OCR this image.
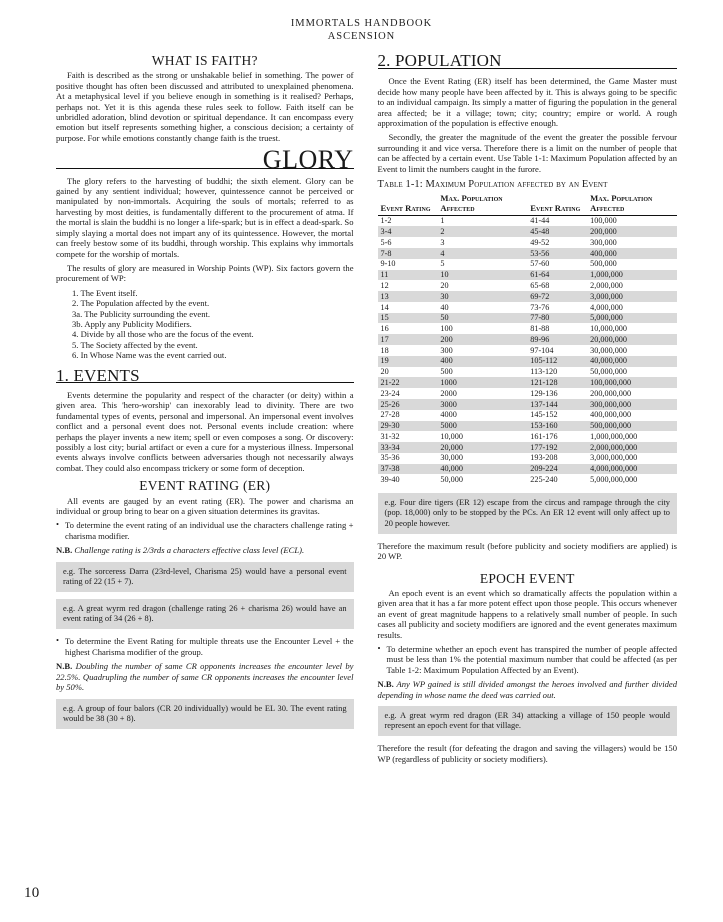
IMMORTALS HANDBOOK
ASCENSION
WHAT IS FAITH?

Faith is described as the strong or unshakable belief in something. The power of positive thought has often been discussed and attributed to unexplained phenomena. At a metaphysical level if you believe enough in something is it realised? Perhaps, perhaps not. Yet it is this agenda these rules seek to follow. Faith itself can be unbridled adoration, blind devotion or spiritual dependance. It can encompass every emotion but itself represents something higher, a conscious decision; a certainty of purpose. For while emotions constantly change faith is the truest.

GLORY

The glory refers to the harvesting of buddhi; the sixth element. Glory can be gained by any sentient individual; however, quintessence cannot be perceived or manipulated by non-immortals. Acquiring the souls of mortals; referred to as harvesting by most deities, is fundamentally different to the procurement of atma. If the mortal is slain the buddhi is no longer a life-spark; but is in effect a dead-spark. So simply slaying a mortal does not impart any of its quintessence. However, the mortal can freely bestow some of its buddhi, through worship. This explains why immortals compete for the worship of mortals.

The results of glory are measured in Worship Points (WP). Six factors govern the procurement of WP:

1. The Event itself.
2. The Population affected by the event.
3a. The Publicity surrounding the event.
3b. Apply any Publicity Modifiers.
4. Divide by all those who are the focus of the event.
5. The Society affected by the event.
6. In Whose Name was the event carried out.
1. EVENTS

Events determine the popularity and respect of the character (or deity) within a given area. This 'hero-worship' can inexorably lead to divinity. There are two fundamental types of events, personal and impersonal. An impersonal event involves conflict and a personal event does not. Personal events include creation: where perhaps the player invents a new item; spell or even composes a song. Or discovery: possibly a lost city; burial artifact or even a cure for a mysterious illness. Impersonal events always involve conflicts between adversaries though not necessarily always combat. They could also encompass trickery or some form of deception.

EVENT RATING (ER)

All events are gauged by an event rating (ER). The power and charisma an individual or group bring to bear on a given situation determines its gravitas.

• To determine the event rating of an individual use the characters challenge rating + charisma modifier.

N.B. Challenge rating is 2/3rds a characters effective class level (ECL).

e.g. The sorceress Darra (23rd-level, Charisma 25) would have a personal event rating of 22 (15 + 7).
e.g. A great wyrm red dragon (challenge rating 26 + charisma 26) would have an event rating of 34 (26 + 8).
• To determine the Event Rating for multiple threats use the Encounter Level + the highest Charisma modifier of the group.

N.B. Doubling the number of same CR opponents increases the encounter level by 22.5%. Quadrupling the number of same CR opponents increases the encounter level by 50%.

e.g. A group of four balors (CR 20 individually) would be EL 30. The event rating would be 38 (30 + 8).
2. POPULATION

Once the Event Rating (ER) itself has been determined, the Game Master must decide how many people have been affected by it. This is always going to be specific to an individual campaign. Its simply a matter of figuring the population in the general area affected; be it a village; town; city; country; empire or world. A rough approximation of the population is effective enough.

Secondly, the greater the magnitude of the event the greater the possible fervour surrounding it and vice versa. Therefore there is a limit on the number of people that can be affected by a certain event. Use Table 1-1: Maximum Population affected by an Event to limit the numbers caught in the furore.

Table 1-1: Maximum Population affected by an Event
Event Rating	Max. Population Affected	Event Rating	Max. Population Affected
1-2	1	41-44	100,000
3-4	2	45-48	200,000
5-6	3	49-52	300,000
7-8	4	53-56	400,000
9-10	5	57-60	500,000
11	10	61-64	1,000,000
12	20	65-68	2,000,000
13	30	69-72	3,000,000
14	40	73-76	4,000,000
15	50	77-80	5,000,000
16	100	81-88	10,000,000
17	200	89-96	20,000,000
18	300	97-104	30,000,000
19	400	105-112	40,000,000
20	500	113-120	50,000,000
21-22	1000	121-128	100,000,000
23-24	2000	129-136	200,000,000
25-26	3000	137-144	300,000,000
27-28	4000	145-152	400,000,000
29-30	5000	153-160	500,000,000
31-32	10,000	161-176	1,000,000,000
33-34	20,000	177-192	2,000,000,000
35-36	30,000	193-208	3,000,000,000
37-38	40,000	209-224	4,000,000,000
39-40	50,000	225-240	5,000,000,000
e.g. Four dire tigers (ER 12) escape from the circus and rampage through the city (pop. 18,000) only to be stopped by the PCs. An ER 12 event will only affect up to 20 people however.

Therefore the maximum result (before publicity and society modifiers are applied) is 20 WP.

EPOCH EVENT

An epoch event is an event which so dramatically affects the population within a given area that it has a far more potent effect upon those people. This occurs whenever an event of great magnitude happens to a relatively small number of people. In such cases all publicity and society modifiers are ignored and the event generates maximum results.

• To determine whether an epoch event has transpired the number of people affected must be less than 1% the potential maximum number that could be affected (as per Table 1-2: Maximum Population Affected by an Event).

N.B. Any WP gained is still divided amongst the heroes involved and further divided depending in whose name the deed was carried out.

e.g. A great wyrm red dragon (ER 34) attacking a village of 150 people would represent an epoch event for that village.

Therefore the result (for defeating the dragon and saving the villagers) would be 150 WP (regardless of publicity or society modifiers).

10
